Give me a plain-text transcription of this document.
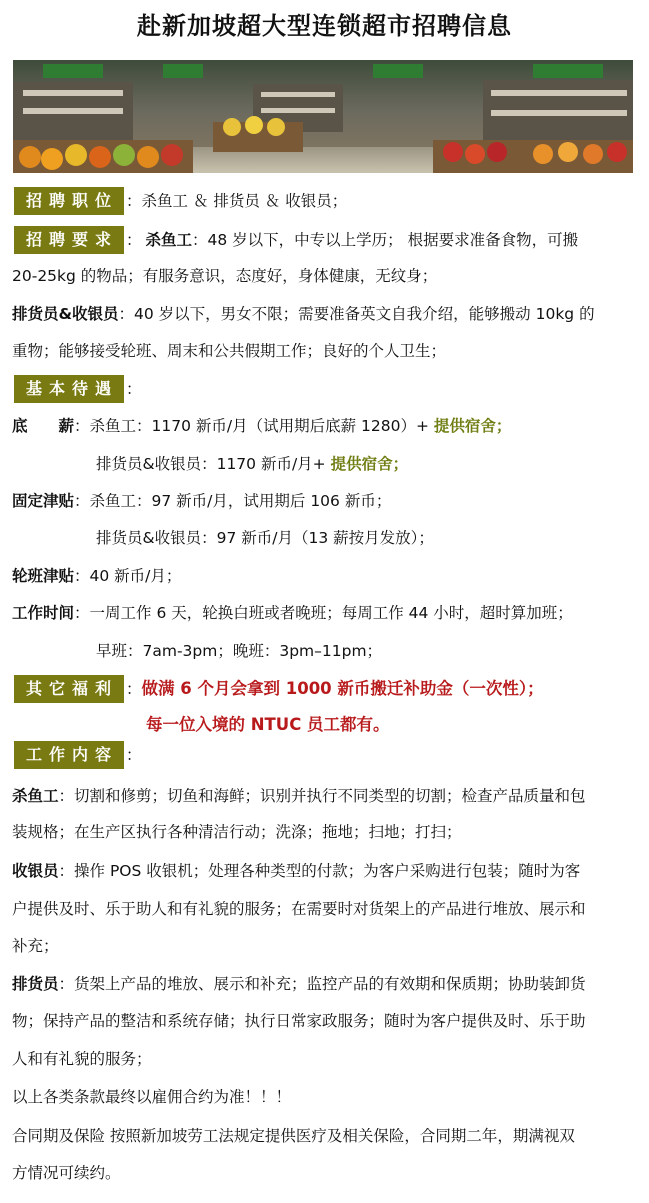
赴新加坡超大型连锁超市招聘信息
招聘职位 ：杀鱼工 ＆ 排货员 ＆ 收银员；
招聘要求 ： 杀鱼工：48 岁以下，中专以上学历； 根据要求准备食物，可搬
20-25kg 的物品；有服务意识，态度好，身体健康，无纹身；
排货员&收银员：40 岁以下，男女不限；需要准备英文自我介绍，能够搬动 10kg 的
重物；能够接受轮班、周末和公共假期工作；良好的个人卫生；
基本待遇 ：
底　　薪：杀鱼工：1170 新币/月（试用期后底薪 1280）+ 提供宿舍；
排货员&收银员：1170 新币/月+ 提供宿舍；
固定津贴：杀鱼工：97 新币/月，试用期后 106 新币；
排货员&收银员：97 新币/月（13 薪按月发放）；
轮班津贴：40 新币/月；
工作时间：一周工作 6 天，轮换白班或者晚班；每周工作 44 小时，超时算加班；
早班：7am-3pm；晚班：3pm–11pm；
其它福利 ：做满 6 个月会拿到 1000 新币搬迁补助金（一次性）；
每一位入境的 NTUC 员工都有。
工作内容 ：
杀鱼工：切割和修剪；切鱼和海鲜；识别并执行不同类型的切割；检查产品质量和包
装规格；在生产区执行各种清洁行动；洗涤；拖地；扫地；打扫；
收银员：操作 POS 收银机；处理各种类型的付款；为客户采购进行包装；随时为客
户提供及时、乐于助人和有礼貌的服务；在需要时对货架上的产品进行堆放、展示和
补充；
排货员：货架上产品的堆放、展示和补充；监控产品的有效期和保质期；协助装卸货
物；保持产品的整洁和系统存储；执行日常家政服务；随时为客户提供及时、乐于助
人和有礼貌的服务；
以上各类条款最终以雇佣合约为准！！！
合同期及保险 按照新加坡劳工法规定提供医疗及相关保险，合同期二年，期满视双
方情况可续约。
